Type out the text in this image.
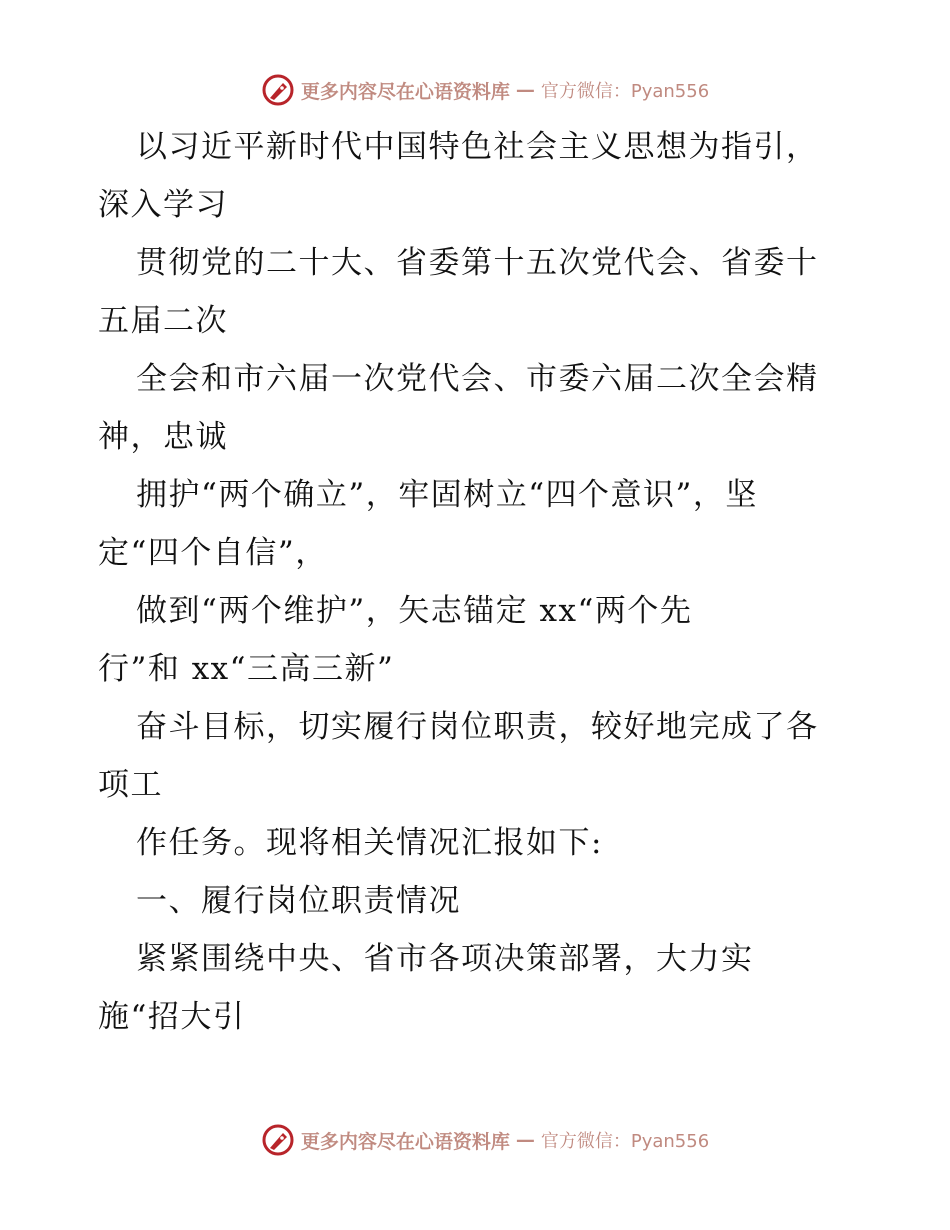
更多内容尽在心语资料库 — 官方微信：Pyan556
以习近平新时代中国特色社会主义思想为指引，
深入学习
贯彻党的二十大、省委第十五次党代会、省委十
五届二次
全会和市六届一次党代会、市委六届二次全会精
神，忠诚
拥护“两个确立”，牢固树立“四个意识”，坚
定“四个自信”，
做到“两个维护”，矢志锚定 xx“两个先
行”和 xx“三高三新”
奋斗目标，切实履行岗位职责，较好地完成了各
项工
作任务。现将相关情况汇报如下:
一、履行岗位职责情况
紧紧围绕中央、省市各项决策部署，大力实
施“招大引
更多内容尽在心语资料库 — 官方微信：Pyan556
